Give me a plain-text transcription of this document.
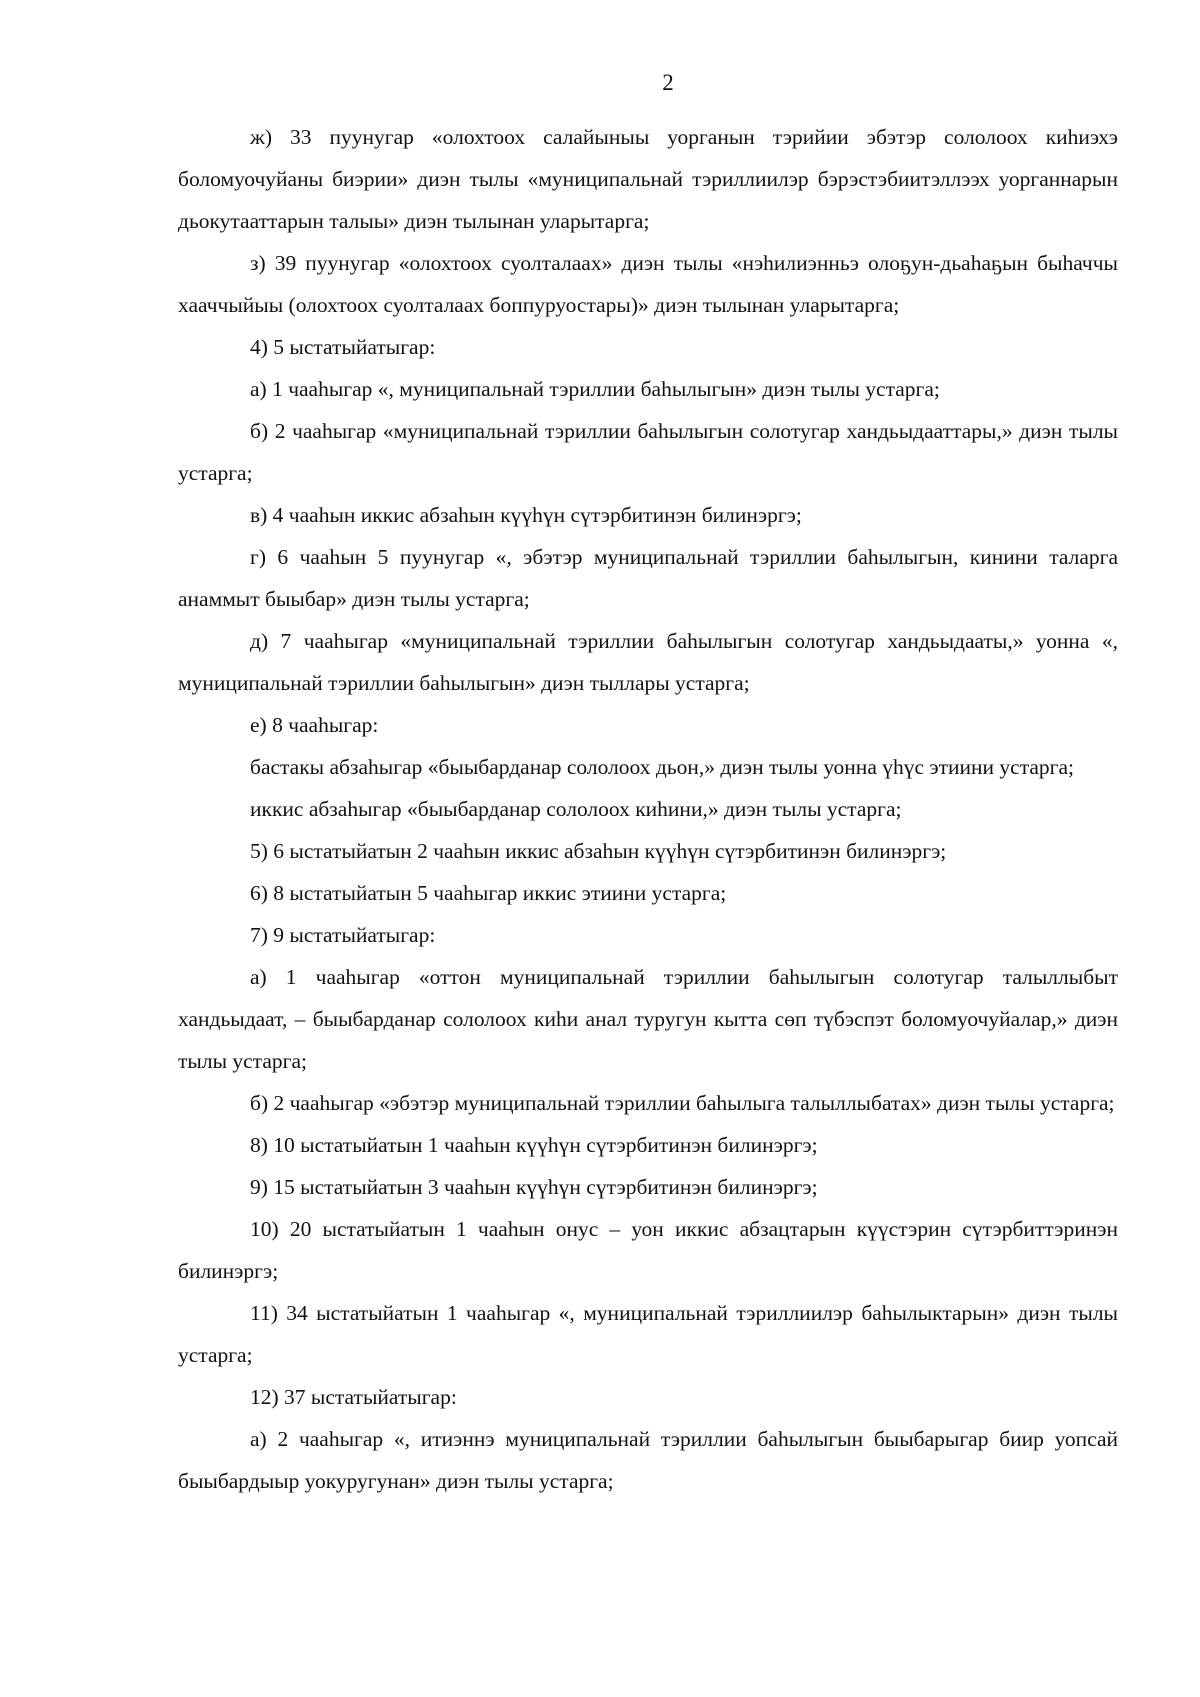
2

ж) 33 пуунугар «олохтоох салайыныы уорганын тэрийии эбэтэр сололоох киһиэхэ боломуочуйаны биэрии» диэн тылы «муниципальнай тэриллиилэр бэрэстэбиитэллээх уорганнарын дьокутааттарын талыы» диэн тылынан уларытарга;

з) 39 пуунугар «олохтоох суолталаах» диэн тылы «нэһилиэнньэ олоҕун-дьаһаҕын быһаччы хааччыйыы (олохтоох суолталаах боппуруостары)» диэн тылынан уларытарга;

4) 5 ыстатыйатыгар:

а) 1 чааһыгар «, муниципальнай тэриллии баһылыгын» диэн тылы устарга;

б) 2 чааһыгар «муниципальнай тэриллии баһылыгын солотугар хандьыдааттары,» диэн тылы устарга;

в) 4 чааһын иккис абзаһын күүһүн сүтэрбитинэн билинэргэ;

г) 6 чааһын 5 пуунугар «, эбэтэр муниципальнай тэриллии баһылыгын, кинини таларга анаммыт быыбар» диэн тылы устарга;

д) 7 чааһыгар «муниципальнай тэриллии баһылыгын солотугар хандьыдааты,» уонна «, муниципальнай тэриллии баһылыгын» диэн тыллары устарга;

е) 8 чааһыгар:

бастакы абзаһыгар «быыбарданар сололоох дьон,» диэн тылы уонна үһүс этиини устарга;

иккис абзаһыгар «быыбарданар сололоох киһини,» диэн тылы устарга;

5) 6 ыстатыйатын 2 чааһын иккис абзаһын күүһүн сүтэрбитинэн билинэргэ;

6) 8 ыстатыйатын 5 чааһыгар иккис этиини устарга;

7) 9 ыстатыйатыгар:

а) 1 чааһыгар «оттон муниципальнай тэриллии баһылыгын солотугар талыллыбыт хандьыдаат, – быыбарданар сололоох киһи анал туругун кытта сөп түбэспэт боломуочуйалар,» диэн тылы устарга;

б) 2 чааһыгар «эбэтэр муниципальнай тэриллии баһылыга талыллыбатах» диэн тылы устарга;

8) 10 ыстатыйатын 1 чааһын күүһүн сүтэрбитинэн билинэргэ;

9) 15 ыстатыйатын 3 чааһын күүһүн сүтэрбитинэн билинэргэ;

10) 20 ыстатыйатын 1 чааһын онус – уон иккис абзацтарын күүстэрин сүтэрбиттэринэн билинэргэ;

11) 34 ыстатыйатын 1 чааһыгар «, муниципальнай тэриллиилэр баһылыктарын» диэн тылы устарга;

12) 37 ыстатыйатыгар:

а) 2 чааһыгар «, итиэннэ муниципальнай тэриллии баһылыгын быыбарыгар биир уопсай быыбардыыр уокуругунан» диэн тылы устарга;
